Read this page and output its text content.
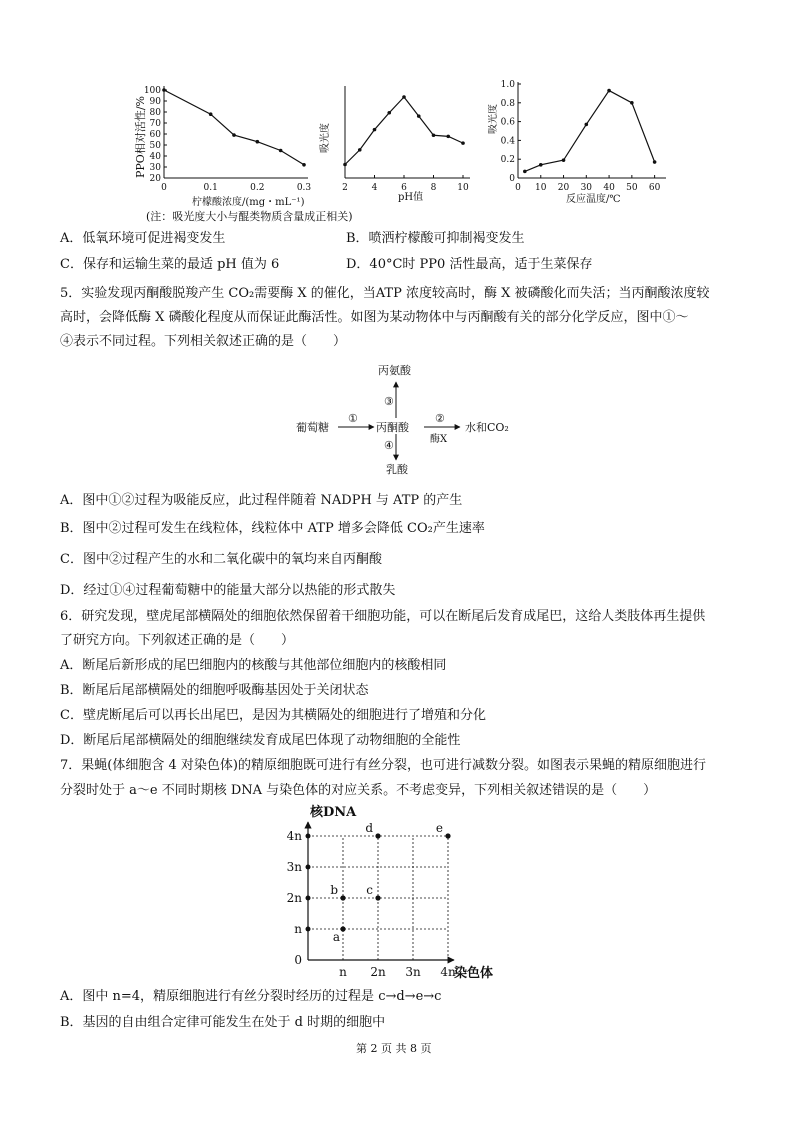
PPO相对活性/%
20
30
40
50
60
70
80
90
100
0	0.1	0.2	0.3
柠檬酸浓度/(mg・mL⁻¹)
吸光度
2	4	6	8 10
pH值
吸光度
0
0.2
0.4
0.6
0.8
1.0
0 10 20 30 40 50 60
反应温度/℃
(注：吸光度大小与醌类物质含量成正相关)
A．低氧环境可促进褐变发生	B．喷洒柠檬酸可抑制褐变发生
C．保存和运输生菜的最适 pH 值为 6	D．40°C时 PP0 活性最高，适于生菜保存
5．实验发现丙酮酸脱羧产生 CO₂需要酶 X 的催化，当ATP 浓度较高时，酶 X 被磷酸化而失活；当丙酮酸浓度较
高时，会降低酶 X 磷酸化程度从而保证此酶活性。如图为某动物体中与丙酮酸有关的部分化学反应，图中①～
④表示不同过程。下列相关叙述正确的是（　　）
丙氨酸
葡萄糖	丙酮酸	水和CO₂
乳酸
①
③
②
酶X
④
A．图中①②过程为吸能反应，此过程伴随着 NADPH 与 ATP 的产生
B．图中②过程可发生在线粒体，线粒体中 ATP 增多会降低 CO₂产生速率
C．图中②过程产生的水和二氧化碳中的氧均来自丙酮酸
D．经过①④过程葡萄糖中的能量大部分以热能的形式散失
6．研究发现，壁虎尾部横隔处的细胞依然保留着干细胞功能，可以在断尾后发育成尾巴，这给人类肢体再生提供
了研究方向。下列叙述正确的是（　　）
A．断尾后新形成的尾巴细胞内的核酸与其他部位细胞内的核酸相同
B．断尾后尾部横隔处的细胞呼吸酶基因处于关闭状态
C．壁虎断尾后可以再长出尾巴，是因为其横隔处的细胞进行了增殖和分化
D．断尾后尾部横隔处的细胞继续发育成尾巴体现了动物细胞的全能性
7．果蝇(体细胞含 4 对染色体)的精原细胞既可进行有丝分裂，也可进行减数分裂。如图表示果蝇的精原细胞进行
分裂时处于 a～e 不同时期核 DNA 与染色体的对应关系。不考虑变异，下列相关叙述错误的是（　　）
核DNA
染色体
0
n
2n
3n
4n
n 2n 3n 4n
a
b c
d	e
A．图中 n=4，精原细胞进行有丝分裂时经历的过程是 c→d→e→c
B．基因的自由组合定律可能发生在处于 d 时期的细胞中
第 2 页 共 8 页
